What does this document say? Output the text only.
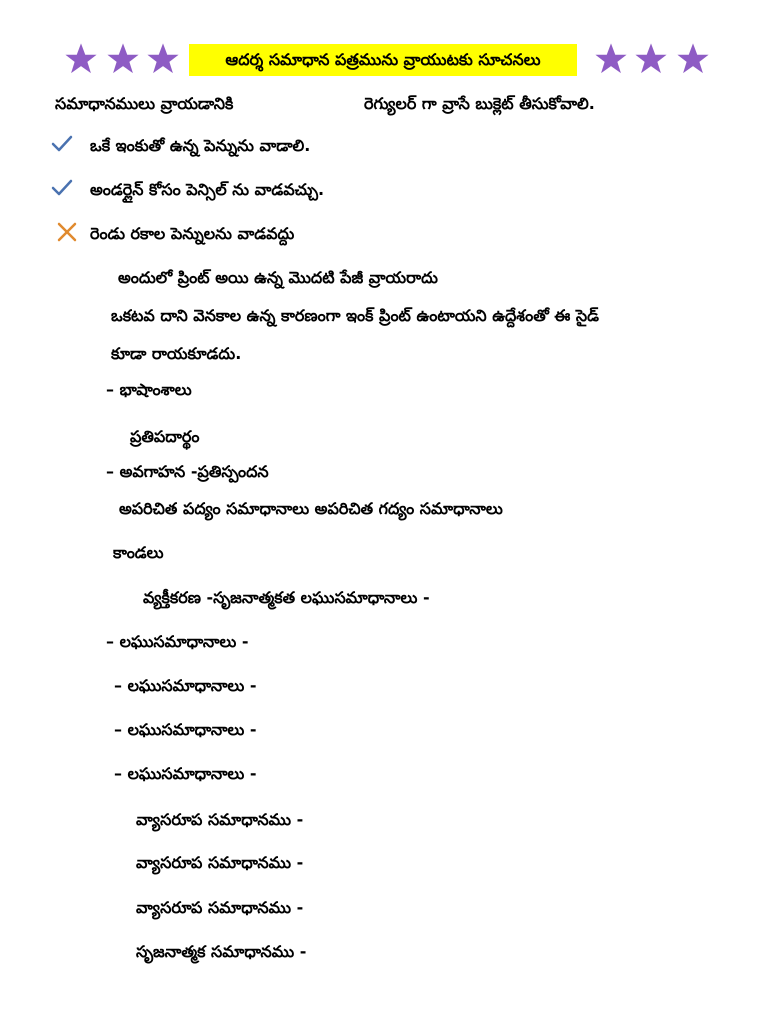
ఆదర్శ సమాధాన పత్రమును వ్రాయుటకు సూచనలు
సమాధానములు వ్రాయడానికి	రెగ్యులర్ గా వ్రాసే బుక్లెట్ తీసుకోవాలి.
ఒకే ఇంకుతో ఉన్న పెన్నును వాడాలి.
అండర్లైన్ కోసం పెన్సిల్ ను వాడవచ్చు.
రెండు రకాల పెన్నులను వాడవద్దు
అందులో ప్రింట్ అయి ఉన్న మొదటి పేజీ వ్రాయరాదు
ఒకటవ దాని వెనకాల ఉన్న కారణంగా ఇంక్ ప్రింట్ ఉంటాయని ఉద్దేశంతో ఈ సైడ్
కూడా రాయకూడదు.
– భాషాంశాలు
ప్రతిపదార్థం
– అవగాహన -ప్రతిస్పందన
అపరిచిత పద్యం సమాధానాలు అపరిచిత గద్యం సమాధానాలు
కాండలు
వ్యక్తీకరణ -సృజనాత్మకత లఘుసమాధానాలు -
– లఘుసమాధానాలు -
– లఘుసమాధానాలు -
– లఘుసమాధానాలు -
– లఘుసమాధానాలు -
వ్యాసరూప సమాధానము -
వ్యాసరూప సమాధానము -
వ్యాసరూప సమాధానము -
సృజనాత్మక సమాధానము -
